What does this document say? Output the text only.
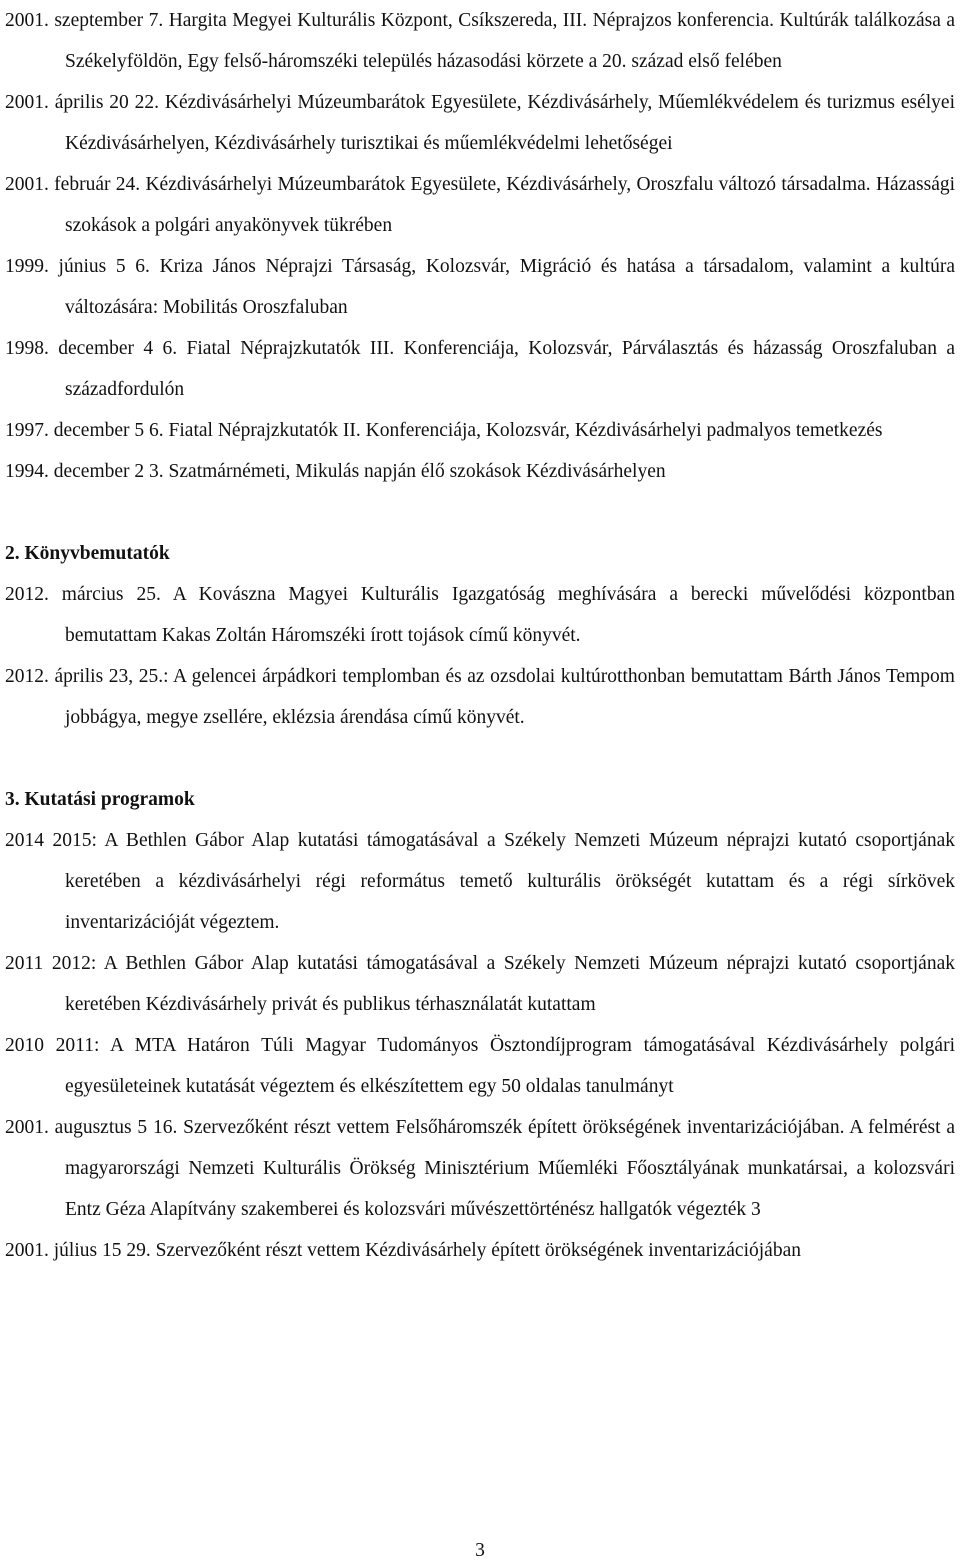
2001. szeptember 7. Hargita Megyei Kulturális Központ, Csíkszereda, III. Néprajzos konferencia. Kultúrák találkozása a Székelyföldön, Egy felső-háromszéki település házasodási körzete a 20. század első felében

2001. április 20 22. Kézdivásárhelyi Múzeumbarátok Egyesülete, Kézdivásárhely, Műemlékvédelem és turizmus esélyei Kézdivásárhelyen, Kézdivásárhely turisztikai és műemlékvédelmi lehetőségei

2001. február 24. Kézdivásárhelyi Múzeumbarátok Egyesülete, Kézdivásárhely, Oroszfalu változó társadalma. Házassági szokások a polgári anyakönyvek tükrében

1999. június 5 6. Kriza János Néprajzi Társaság, Kolozsvár, Migráció és hatása a társadalom, valamint a kultúra változására: Mobilitás Oroszfaluban

1998. december 4 6. Fiatal Néprajzkutatók III. Konferenciája, Kolozsvár, Párválasztás és házasság Oroszfaluban a századfordulón

1997. december 5 6. Fiatal Néprajzkutatók II. Konferenciája, Kolozsvár, Kézdivásárhelyi padmalyos temetkezés

1994. december 2 3. Szatmárnémeti, Mikulás napján élő szokások Kézdivásárhelyen

2. Könyvbemutatók

2012. március 25. A Kovászna Magyei Kulturális Igazgatóság meghívására a berecki művelődési központban bemutattam Kakas Zoltán Háromszéki írott tojások című könyvét.

2012. április 23, 25.: A gelencei árpádkori templomban és az ozsdolai kultúrotthonban bemutattam Bárth János Tempom jobbágya, megye zsellére, eklézsia árendása című könyvét.

3. Kutatási programok

2014 2015: A Bethlen Gábor Alap kutatási támogatásával a Székely Nemzeti Múzeum néprajzi kutató csoportjának keretében a kézdivásárhelyi régi református temető kulturális örökségét kutattam és a régi sírkövek inventarizációját végeztem.

2011 2012: A Bethlen Gábor Alap kutatási támogatásával a Székely Nemzeti Múzeum néprajzi kutató csoportjának keretében Kézdivásárhely privát és publikus térhasználatát kutattam

2010 2011: A MTA Határon Túli Magyar Tudományos Ösztondíjprogram támogatásával Kézdivásárhely polgári egyesületeinek kutatását végeztem és elkészítettem egy 50 oldalas tanulmányt

2001. augusztus 5 16. Szervezőként részt vettem Felsőháromszék épített örökségének inventarizációjában. A felmérést a magyarországi Nemzeti Kulturális Örökség Minisztérium Műemléki Főosztályának munkatársai, a kolozsvári Entz Géza Alapítvány szakemberei és kolozsvári művészettörténész hallgatók végezték 3

2001. július 15 29. Szervezőként részt vettem Kézdivásárhely épített örökségének inventarizációjában

3
